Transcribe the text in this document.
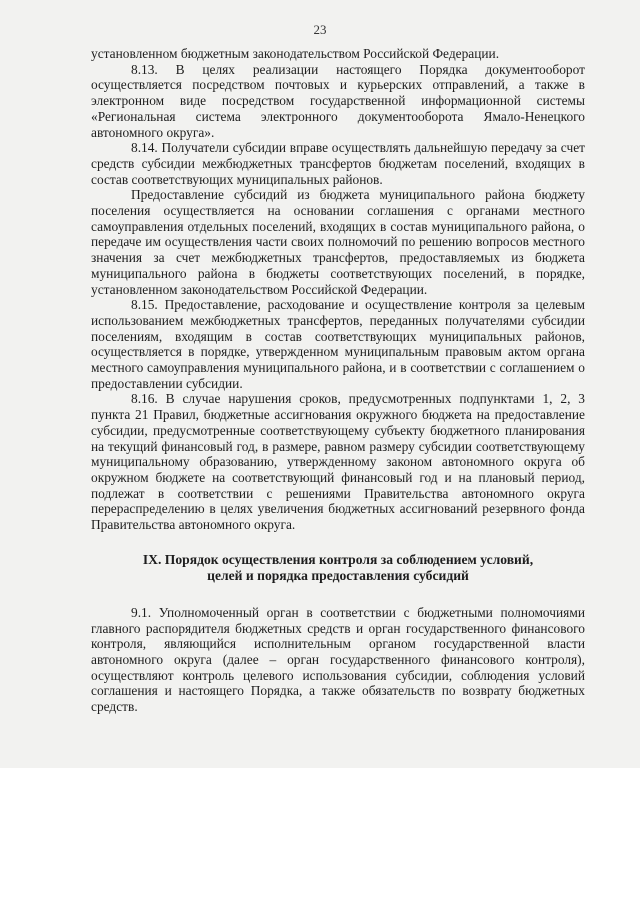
23

установленном бюджетным законодательством Российской Федерации.

8.13. В целях реализации настоящего Порядка документооборот осуществляется посредством почтовых и курьерских отправлений, а также в электронном виде посредством государственной информационной системы «Региональная система электронного документооборота Ямало-Ненецкого автономного округа».

8.14. Получатели субсидии вправе осуществлять дальнейшую передачу за счет средств субсидии межбюджетных трансфертов бюджетам поселений, входящих в состав соответствующих муниципальных районов.

Предоставление субсидий из бюджета муниципального района бюджету поселения осуществляется на основании соглашения с органами местного самоуправления отдельных поселений, входящих в состав муниципального района, о передаче им осуществления части своих полномочий по решению вопросов местного значения за счет межбюджетных трансфертов, предоставляемых из бюджета муниципального района в бюджеты соответствующих поселений, в порядке, установленном законодательством Российской Федерации.

8.15. Предоставление, расходование и осуществление контроля за целевым использованием межбюджетных трансфертов, переданных получателями субсидии поселениям, входящим в состав соответствующих муниципальных районов, осуществляется в порядке, утвержденном муниципальным правовым актом органа местного самоуправления муниципального района, и в соответствии с соглашением о предоставлении субсидии.

8.16. В случае нарушения сроков, предусмотренных подпунктами 1, 2, 3 пункта 21 Правил, бюджетные ассигнования окружного бюджета на предоставление субсидии, предусмотренные соответствующему субъекту бюджетного планирования на текущий финансовый год, в размере, равном размеру субсидии соответствующему муниципальному образованию, утвержденному законом автономного округа об окружном бюджете на соответствующий финансовый год и на плановый период, подлежат в соответствии с решениями Правительства автономного округа перераспределению в целях увеличения бюджетных ассигнований резервного фонда Правительства автономного округа.

IX. Порядок осуществления контроля за соблюдением условий,
целей и порядка предоставления субсидий

9.1. Уполномоченный орган в соответствии с бюджетными полномочиями главного распорядителя бюджетных средств и орган государственного финансового контроля, являющийся исполнительным органом государственной власти автономного округа (далее – орган государственного финансового контроля), осуществляют контроль целевого использования субсидии, соблюдения условий соглашения и настоящего Порядка, а также обязательств по возврату бюджетных средств.
